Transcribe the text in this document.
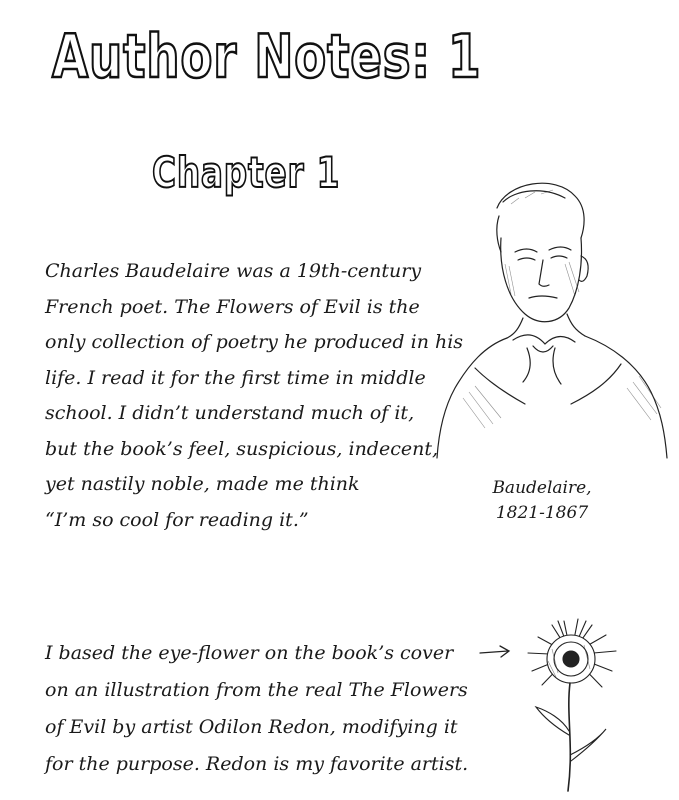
Author Notes: 1
Chapter 1
Charles Baudelaire was a 19th-century
French poet. The Flowers of Evil is the
only collection of poetry he produced in his
life. I read it for the first time in middle
school. I didn’t understand much of it,
but the book’s feel, suspicious, indecent,
yet nastily noble, made me think
“I’m so cool for reading it.”
Baudelaire,
1821-1867
I based the eye-flower on the book’s cover
on an illustration from the real The Flowers
of Evil by artist Odilon Redon, modifying it
for the purpose. Redon is my favorite artist.
